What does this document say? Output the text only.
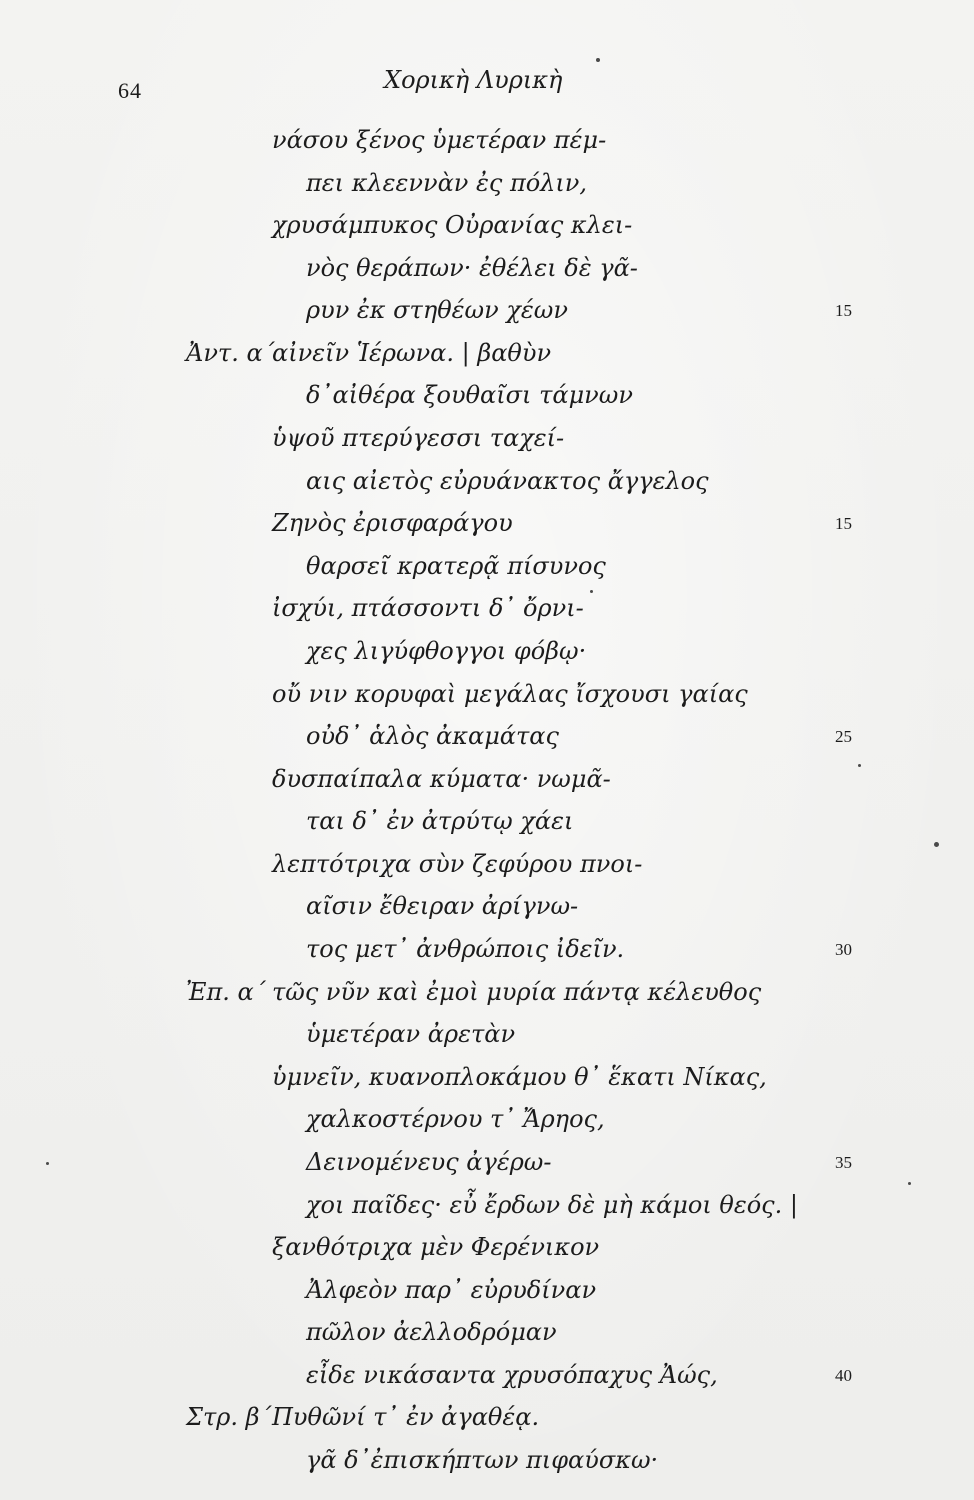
64	Χορικὴ Λυρικὴ
νάσου ξένος ὑμετέραν πέμ-
πει κλεεννὰν ἐς πόλιν,
χρυσάμπυκος Οὐρανίας κλει-
νὸς θεράπων· ἐθέλει δὲ γᾶ-
ρυν ἐκ στηθέων χέων	15
Ἀντ. α´
αἰνεῖν Ἱέρωνα. | βαθὺν
δ᾽αἰθέρα ξουθαῖσι τάμνων
ὑψοῦ πτερύγεσσι ταχεί-
αις αἰετὸς εὐρυάνακτος ἄγγελος
Ζηνὸς ἐρισφαράγου	15
θαρσεῖ κρατερᾷ πίσυνος
ἰσχύι, πτάσσοντι δ᾽ ὄρνι-
χες λιγύφθογγοι φόβῳ·
οὔ νιν κορυφαὶ μεγάλας ἴσχουσι γαίας
οὐδ᾽ ἁλὸς ἀκαμάτας	25
δυσπαίπαλα κύματα· νωμᾶ-
ται δ᾽ ἐν ἀτρύτῳ χάει
λεπτότριχα σὺν ζεφύρου πνοι-
αῖσιν ἔθειραν ἀρίγνω-
τος μετ᾽ ἀνθρώποις ἰδεῖν.	30
Ἐπ. α´ τῶς νῦν καὶ ἐμοὶ μυρία πάντᾳ κέλευθος
ὑμετέραν ἀρετὰν
ὑμνεῖν, κυανοπλοκάμου θ᾽ ἕκατι Νίκας,
χαλκοστέρνου τ᾽ Ἄρηος,
Δεινομένευς ἀγέρω-	35
χοι παῖδες· εὖ ἔρδων δὲ μὴ κάμοι θεός. |
ξανθότριχα μὲν Φερένικον
Ἀλφεὸν παρ᾽ εὐρυδίναν
πῶλον ἀελλοδρόμαν
εἶδε νικάσαντα χρυσόπαχυς Ἀώς,	40
Στρ. β´ Πυθῶνί τ᾽ ἐν ἀγαθέᾳ.
γᾶ δ᾽ἐπισκήπτων πιφαύσκω·
